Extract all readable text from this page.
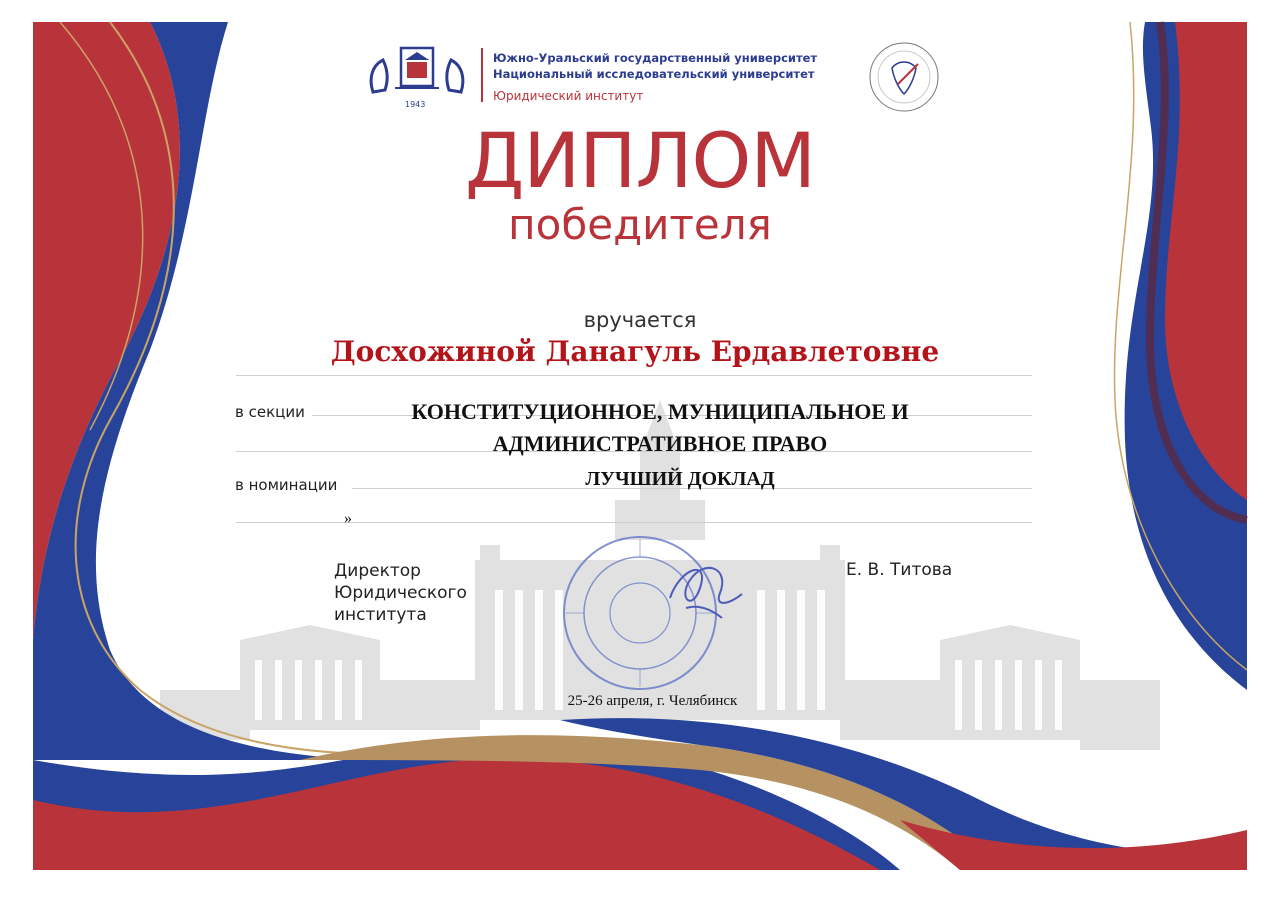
1943
Южно-Уральский государственный университет
Национальный исследовательский университет
Юридический институт
ДИПЛОМ
победителя
вручается
Досхожиной Данагуль Ердавлетовне
в секции	КОНСТИТУЦИОННОЕ, МУНИЦИПАЛЬНОЕ И
АДМИНИСТРАТИВНОЕ ПРАВО
в номинации	ЛУЧШИЙ ДОКЛАД
»
Директор
Юридического
института
Е. В. Титова
25-26 апреля, г. Челябинск
